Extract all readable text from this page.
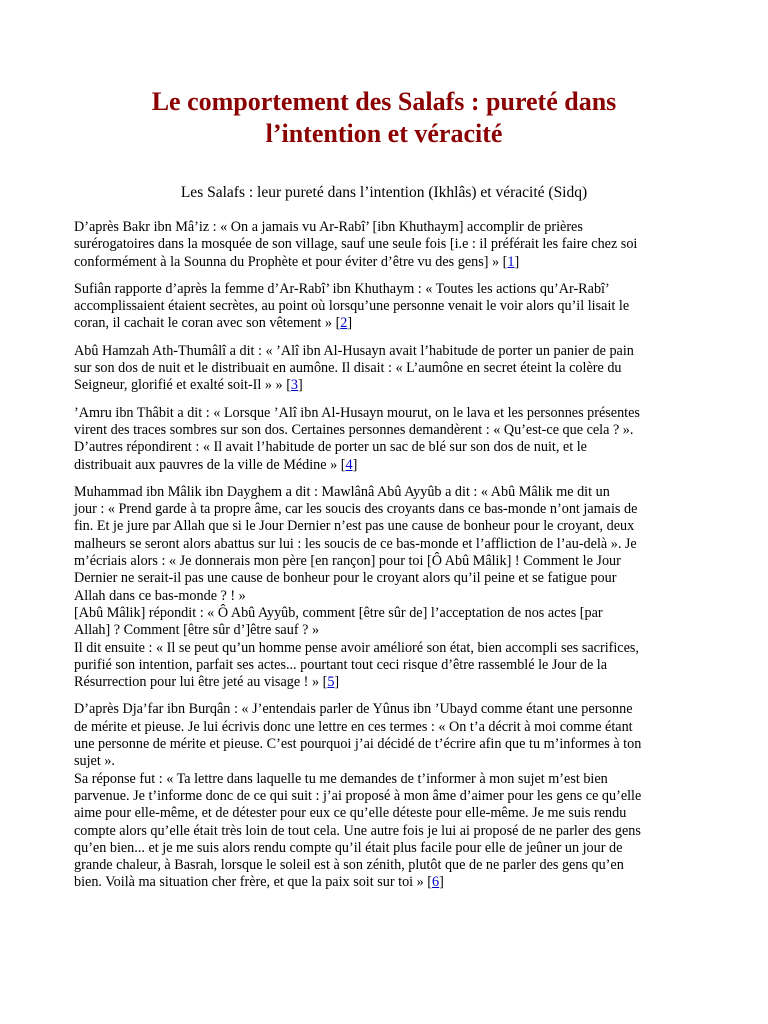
Le comportement des Salafs : pureté dans
l’intention et véracité

Les Salafs : leur pureté dans l’intention (Ikhlâs) et véracité (Sidq)

D’après Bakr ibn Mâ’iz : « On a jamais vu Ar-Rabî’ [ibn Khuthaym] accomplir de prières
surérogatoires dans la mosquée de son village, sauf une seule fois [i.e : il préférait les faire chez soi
conformément à la Sounna du Prophète et pour éviter d’être vu des gens] » [ 1 ]

Sufiân rapporte d’après la femme d’Ar-Rabî’ ibn Khuthaym : « Toutes les actions qu’Ar-Rabî’
accomplissaient étaient secrètes, au point où lorsqu’une personne venait le voir alors qu’il lisait le
coran, il cachait le coran avec son vêtement » [ 2 ]

Abû Hamzah Ath-Thumâlî a dit : « ’Alî ibn Al-Husayn avait l’habitude de porter un panier de pain
sur son dos de nuit et le distribuait en aumône. Il disait : « L’aumône en secret éteint la colère du
Seigneur, glorifié et exalté soit-Il » » [ 3 ]

’Amru ibn Thâbit a dit : « Lorsque ’Alî ibn Al-Husayn mourut, on le lava et les personnes présentes
virent des traces sombres sur son dos. Certaines personnes demandèrent : « Qu’est-ce que cela ? ».
D’autres répondirent : « Il avait l’habitude de porter un sac de blé sur son dos de nuit, et le
distribuait aux pauvres de la ville de Médine » [ 4 ]

Muhammad ibn Mâlik ibn Dayghem a dit : Mawlânâ Abû Ayyûb a dit : « Abû Mâlik me dit un
jour : « Prend garde à ta propre âme, car les soucis des croyants dans ce bas-monde n’ont jamais de
fin. Et je jure par Allah que si le Jour Dernier n’est pas une cause de bonheur pour le croyant, deux
malheurs se seront alors abattus sur lui : les soucis de ce bas-monde et l’affliction de l’au-delà ». Je
m’écriais alors : « Je donnerais mon père [en rançon] pour toi [Ô Abû Mâlik] ! Comment le Jour
Dernier ne serait-il pas une cause de bonheur pour le croyant alors qu’il peine et se fatigue pour
Allah dans ce bas-monde ? ! »
[Abû Mâlik] répondit : « Ô Abû Ayyûb, comment [être sûr de] l’acceptation de nos actes [par
Allah] ? Comment [être sûr d’]être sauf ? »
Il dit ensuite : « Il se peut qu’un homme pense avoir amélioré son état, bien accompli ses sacrifices,
purifié son intention, parfait ses actes... pourtant tout ceci risque d’être rassemblé le Jour de la
Résurrection pour lui être jeté au visage ! » [ 5 ]

D’après Dja’far ibn Burqân : « J’entendais parler de Yûnus ibn ’Ubayd comme étant une personne
de mérite et pieuse. Je lui écrivis donc une lettre en ces termes : « On t’a décrit à moi comme étant
une personne de mérite et pieuse. C’est pourquoi j’ai décidé de t’écrire afin que tu m’informes à ton
sujet ».
Sa réponse fut : « Ta lettre dans laquelle tu me demandes de t’informer à mon sujet m’est bien
parvenue. Je t’informe donc de ce qui suit : j’ai proposé à mon âme d’aimer pour les gens ce qu’elle
aime pour elle-même, et de détester pour eux ce qu’elle déteste pour elle-même. Je me suis rendu
compte alors qu’elle était très loin de tout cela. Une autre fois je lui ai proposé de ne parler des gens
qu’en bien... et je me suis alors rendu compte qu’il était plus facile pour elle de jeûner un jour de
grande chaleur, à Basrah, lorsque le soleil est à son zénith, plutôt que de ne parler des gens qu’en
bien. Voilà ma situation cher frère, et que la paix soit sur toi » [ 6 ]
